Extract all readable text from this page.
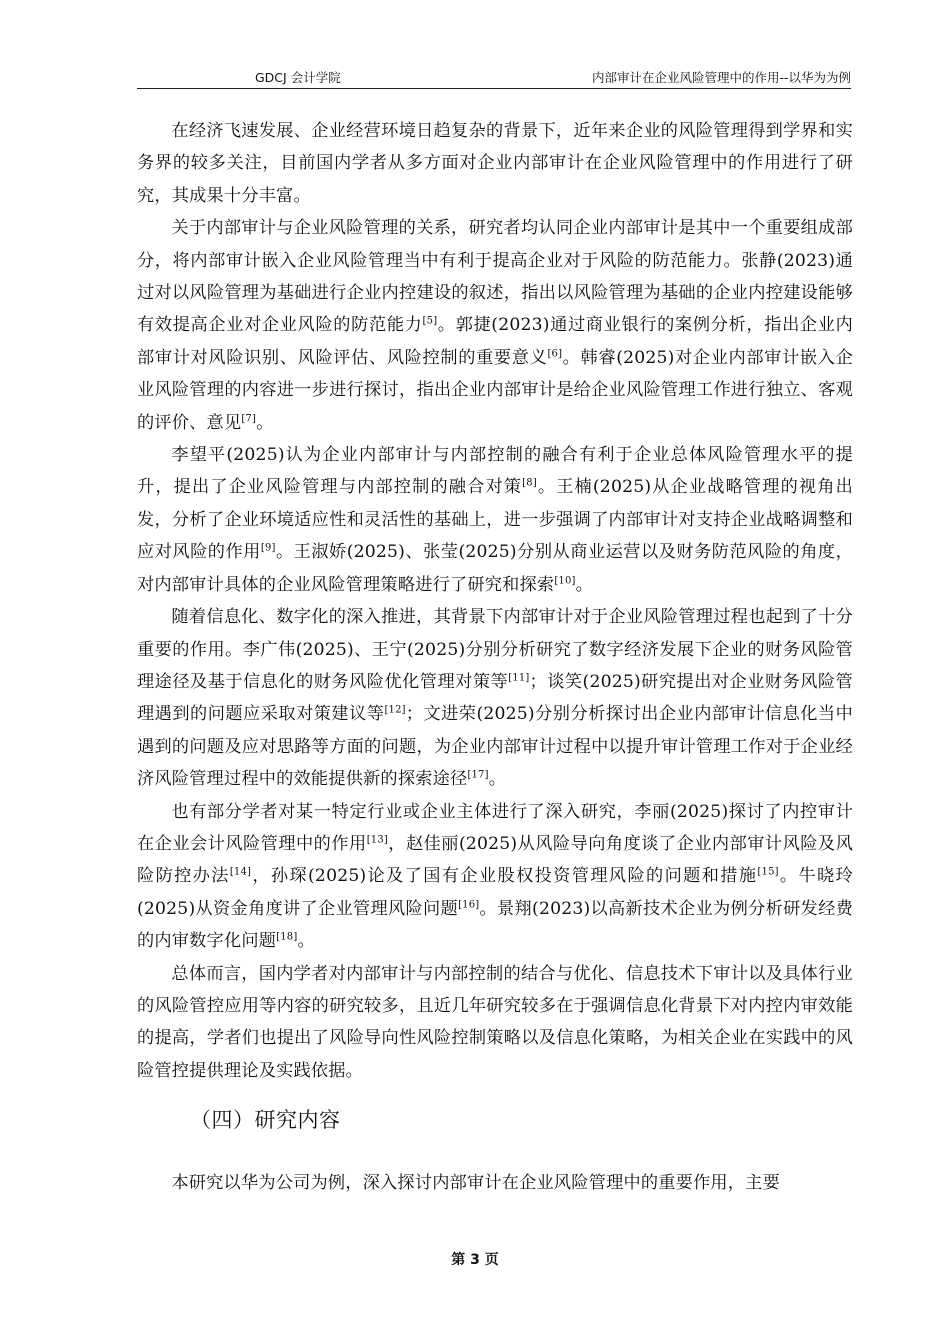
GDCJ 会计学院	内部审计在企业风险管理中的作用--以华为为例

在经济飞速发展、企业经营环境日趋复杂的背景下，近年来企业的风险管理得到学界和实务界的较多关注，目前国内学者从多方面对企业内部审计在企业风险管理中的作用进行了研究，其成果十分丰富。

关于内部审计与企业风险管理的关系，研究者均认同企业内部审计是其中一个重要组成部分，将内部审计嵌入企业风险管理当中有利于提高企业对于风险的防范能力。张静(2023)通过对以风险管理为基础进行企业内控建设的叙述，指出以风险管理为基础的企业内控建设能够有效提高企业对企业风险的防范能力[5]。郭捷(2023)通过商业银行的案例分析，指出企业内部审计对风险识别、风险评估、风险控制的重要意义[6]。韩睿(2025)对企业内部审计嵌入企业风险管理的内容进一步进行探讨，指出企业内部审计是给企业风险管理工作进行独立、客观的评价、意见[7]。

李望平(2025)认为企业内部审计与内部控制的融合有利于企业总体风险管理水平的提升，提出了企业风险管理与内部控制的融合对策[8]。王楠(2025)从企业战略管理的视角出发，分析了企业环境适应性和灵活性的基础上，进一步强调了内部审计对支持企业战略调整和应对风险的作用[9]。王淑娇(2025)、张莹(2025)分别从商业运营以及财务防范风险的角度，对内部审计具体的企业风险管理策略进行了研究和探索[10]。

随着信息化、数字化的深入推进，其背景下内部审计对于企业风险管理过程也起到了十分重要的作用。李广伟(2025)、王宁(2025)分别分析研究了数字经济发展下企业的财务风险管理途径及基于信息化的财务风险优化管理对策等[11]；谈笑(2025)研究提出对企业财务风险管理遇到的问题应采取对策建议等[12]；文进荣(2025)分别分析探讨出企业内部审计信息化当中遇到的问题及应对思路等方面的问题，为企业内部审计过程中以提升审计管理工作对于企业经济风险管理过程中的效能提供新的探索途径[17]。

也有部分学者对某一特定行业或企业主体进行了深入研究，李丽(2025)探讨了内控审计在企业会计风险管理中的作用[13]，赵佳丽(2025)从风险导向角度谈了企业内部审计风险及风险防控办法[14]，孙琛(2025)论及了国有企业股权投资管理风险的问题和措施[15]。牛晓玲(2025)从资金角度讲了企业管理风险问题[16]。景翔(2023)以高新技术企业为例分析研发经费的内审数字化问题[18]。

总体而言，国内学者对内部审计与内部控制的结合与优化、信息技术下审计以及具体行业的风险管控应用等内容的研究较多，且近几年研究较多在于强调信息化背景下对内控内审效能的提高，学者们也提出了风险导向性风险控制策略以及信息化策略，为相关企业在实践中的风险管控提供理论及实践依据。

（四）研究内容

本研究以华为公司为例，深入探讨内部审计在企业风险管理中的重要作用，主要

第 3 页
